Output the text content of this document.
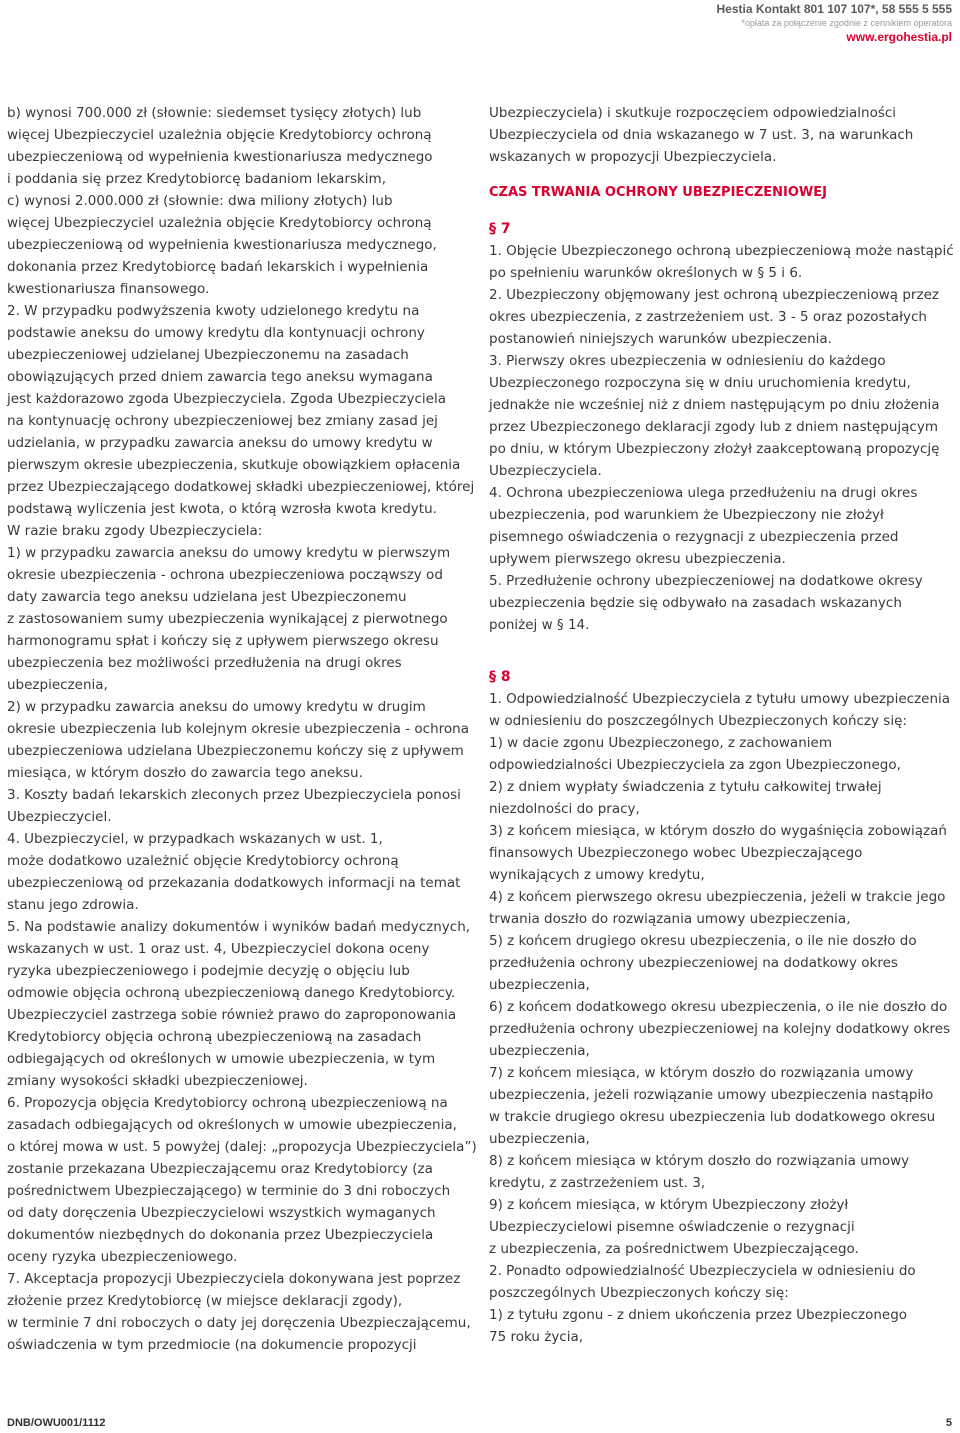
Hestia Kontakt 801 107 107*, 58 555 5 555
*opłata za połączenie zgodnie z cennikiem operatora
www.ergohestia.pl
b) wynosi 700.000 zł (słownie: siedemset tysięcy złotych) lub
więcej Ubezpieczyciel uzależnia objęcie Kredytobiorcy ochroną
ubezpieczeniową od wypełnienia kwestionariusza medycznego
i poddania się przez Kredytobiorcę badaniom lekarskim,
c) wynosi 2.000.000 zł (słownie: dwa miliony złotych) lub
więcej Ubezpieczyciel uzależnia objęcie Kredytobiorcy ochroną
ubezpieczeniową od wypełnienia kwestionariusza medycznego,
dokonania przez Kredytobiorcę badań lekarskich i wypełnienia
kwestionariusza finansowego.
2. W przypadku podwyższenia kwoty udzielonego kredytu na
podstawie aneksu do umowy kredytu dla kontynuacji ochrony
ubezpieczeniowej udzielanej Ubezpieczonemu na zasadach
obowiązujących przed dniem zawarcia tego aneksu wymagana
jest każdorazowo zgoda Ubezpieczyciela. Zgoda Ubezpieczyciela
na kontynuację ochrony ubezpieczeniowej bez zmiany zasad jej
udzielania, w przypadku zawarcia aneksu do umowy kredytu w
pierwszym okresie ubezpieczenia, skutkuje obowiązkiem opłacenia
przez Ubezpieczającego dodatkowej składki ubezpieczeniowej, której
podstawą wyliczenia jest kwota, o którą wzrosła kwota kredytu.
W razie braku zgody Ubezpieczyciela:
1) w przypadku zawarcia aneksu do umowy kredytu w pierwszym
okresie ubezpieczenia - ochrona ubezpieczeniowa począwszy od
daty zawarcia tego aneksu udzielana jest Ubezpieczonemu
z zastosowaniem sumy ubezpieczenia wynikającej z pierwotnego
harmonogramu spłat i kończy się z upływem pierwszego okresu
ubezpieczenia bez możliwości przedłużenia na drugi okres
ubezpieczenia,
2) w przypadku zawarcia aneksu do umowy kredytu w drugim
okresie ubezpieczenia lub kolejnym okresie ubezpieczenia - ochrona
ubezpieczeniowa udzielana Ubezpieczonemu kończy się z upływem
miesiąca, w którym doszło do zawarcia tego aneksu.
3. Koszty badań lekarskich zleconych przez Ubezpieczyciela ponosi
Ubezpieczyciel.
4. Ubezpieczyciel, w przypadkach wskazanych w ust. 1,
może dodatkowo uzależnić objęcie Kredytobiorcy ochroną
ubezpieczeniową od przekazania dodatkowych informacji na temat
stanu jego zdrowia.
5. Na podstawie analizy dokumentów i wyników badań medycznych,
wskazanych w ust. 1 oraz ust. 4, Ubezpieczyciel dokona oceny
ryzyka ubezpieczeniowego i podejmie decyzję o objęciu lub
odmowie objęcia ochroną ubezpieczeniową danego Kredytobiorcy.
Ubezpieczyciel zastrzega sobie również prawo do zaproponowania
Kredytobiorcy objęcia ochroną ubezpieczeniową na zasadach
odbiegających od określonych w umowie ubezpieczenia, w tym
zmiany wysokości składki ubezpieczeniowej.
6. Propozycja objęcia Kredytobiorcy ochroną ubezpieczeniową na
zasadach odbiegających od określonych w umowie ubezpieczenia,
o której mowa w ust. 5 powyżej (dalej: „propozycja Ubezpieczyciela”)
zostanie przekazana Ubezpieczającemu oraz Kredytobiorcy (za
pośrednictwem Ubezpieczającego) w terminie do 3 dni roboczych
od daty doręczenia Ubezpieczycielowi wszystkich wymaganych
dokumentów niezbędnych do dokonania przez Ubezpieczyciela
oceny ryzyka ubezpieczeniowego.
7. Akceptacja propozycji Ubezpieczyciela dokonywana jest poprzez
złożenie przez Kredytobiorcę (w miejsce deklaracji zgody),
w terminie 7 dni roboczych o daty jej doręczenia Ubezpieczającemu,
oświadczenia w tym przedmiocie (na dokumencie propozycji
Ubezpieczyciela) i skutkuje rozpoczęciem odpowiedzialności
Ubezpieczyciela od dnia wskazanego w 7 ust. 3, na warunkach
wskazanych w propozycji Ubezpieczyciela.
CZAS TRWANIA OCHRONY UBEZPIECZENIOWEJ
§ 7
1. Objęcie Ubezpieczonego ochroną ubezpieczeniową może nastąpić
po spełnieniu warunków określonych w § 5 i 6.
2. Ubezpieczony objęmowany jest ochroną ubezpieczeniową przez
okres ubezpieczenia, z zastrzeżeniem ust. 3 - 5 oraz pozostałych
postanowień niniejszych warunków ubezpieczenia.
3. Pierwszy okres ubezpieczenia w odniesieniu do każdego
Ubezpieczonego rozpoczyna się w dniu uruchomienia kredytu,
jednakże nie wcześniej niż z dniem następującym po dniu złożenia
przez Ubezpieczonego deklaracji zgody lub z dniem następującym
po dniu, w którym Ubezpieczony złożył zaakceptowaną propozycję
Ubezpieczyciela.
4. Ochrona ubezpieczeniowa ulega przedłużeniu na drugi okres
ubezpieczenia, pod warunkiem że Ubezpieczony nie złożył
pisemnego oświadczenia o rezygnacji z ubezpieczenia przed
upływem pierwszego okresu ubezpieczenia.
5. Przedłużenie ochrony ubezpieczeniowej na dodatkowe okresy
ubezpieczenia będzie się odbywało na zasadach wskazanych
poniżej w § 14.
§ 8
1. Odpowiedzialność Ubezpieczyciela z tytułu umowy ubezpieczenia
w odniesieniu do poszczególnych Ubezpieczonych kończy się:
1) w dacie zgonu Ubezpieczonego, z zachowaniem
odpowiedzialności Ubezpieczyciela za zgon Ubezpieczonego,
2) z dniem wypłaty świadczenia z tytułu całkowitej trwałej
niezdolności do pracy,
3) z końcem miesiąca, w którym doszło do wygaśnięcia zobowiązań
finansowych Ubezpieczonego wobec Ubezpieczającego
wynikających z umowy kredytu,
4) z końcem pierwszego okresu ubezpieczenia, jeżeli w trakcie jego
trwania doszło do rozwiązania umowy ubezpieczenia,
5) z końcem drugiego okresu ubezpieczenia, o ile nie doszło do
przedłużenia ochrony ubezpieczeniowej na dodatkowy okres
ubezpieczenia,
6) z końcem dodatkowego okresu ubezpieczenia, o ile nie doszło do
przedłużenia ochrony ubezpieczeniowej na kolejny dodatkowy okres
ubezpieczenia,
7) z końcem miesiąca, w którym doszło do rozwiązania umowy
ubezpieczenia, jeżeli rozwiązanie umowy ubezpieczenia nastąpiło
w trakcie drugiego okresu ubezpieczenia lub dodatkowego okresu
ubezpieczenia,
8) z końcem miesiąca w którym doszło do rozwiązania umowy
kredytu, z zastrzeżeniem ust. 3,
9) z końcem miesiąca, w którym Ubezpieczony złożył
Ubezpieczycielowi pisemne oświadczenie o rezygnacji
z ubezpieczenia, za pośrednictwem Ubezpieczającego.
2. Ponadto odpowiedzialność Ubezpieczyciela w odniesieniu do
poszczególnych Ubezpieczonych kończy się:
1) z tytułu zgonu - z dniem ukończenia przez Ubezpieczonego
75 roku życia,
DNB/OWU001/1112	5
